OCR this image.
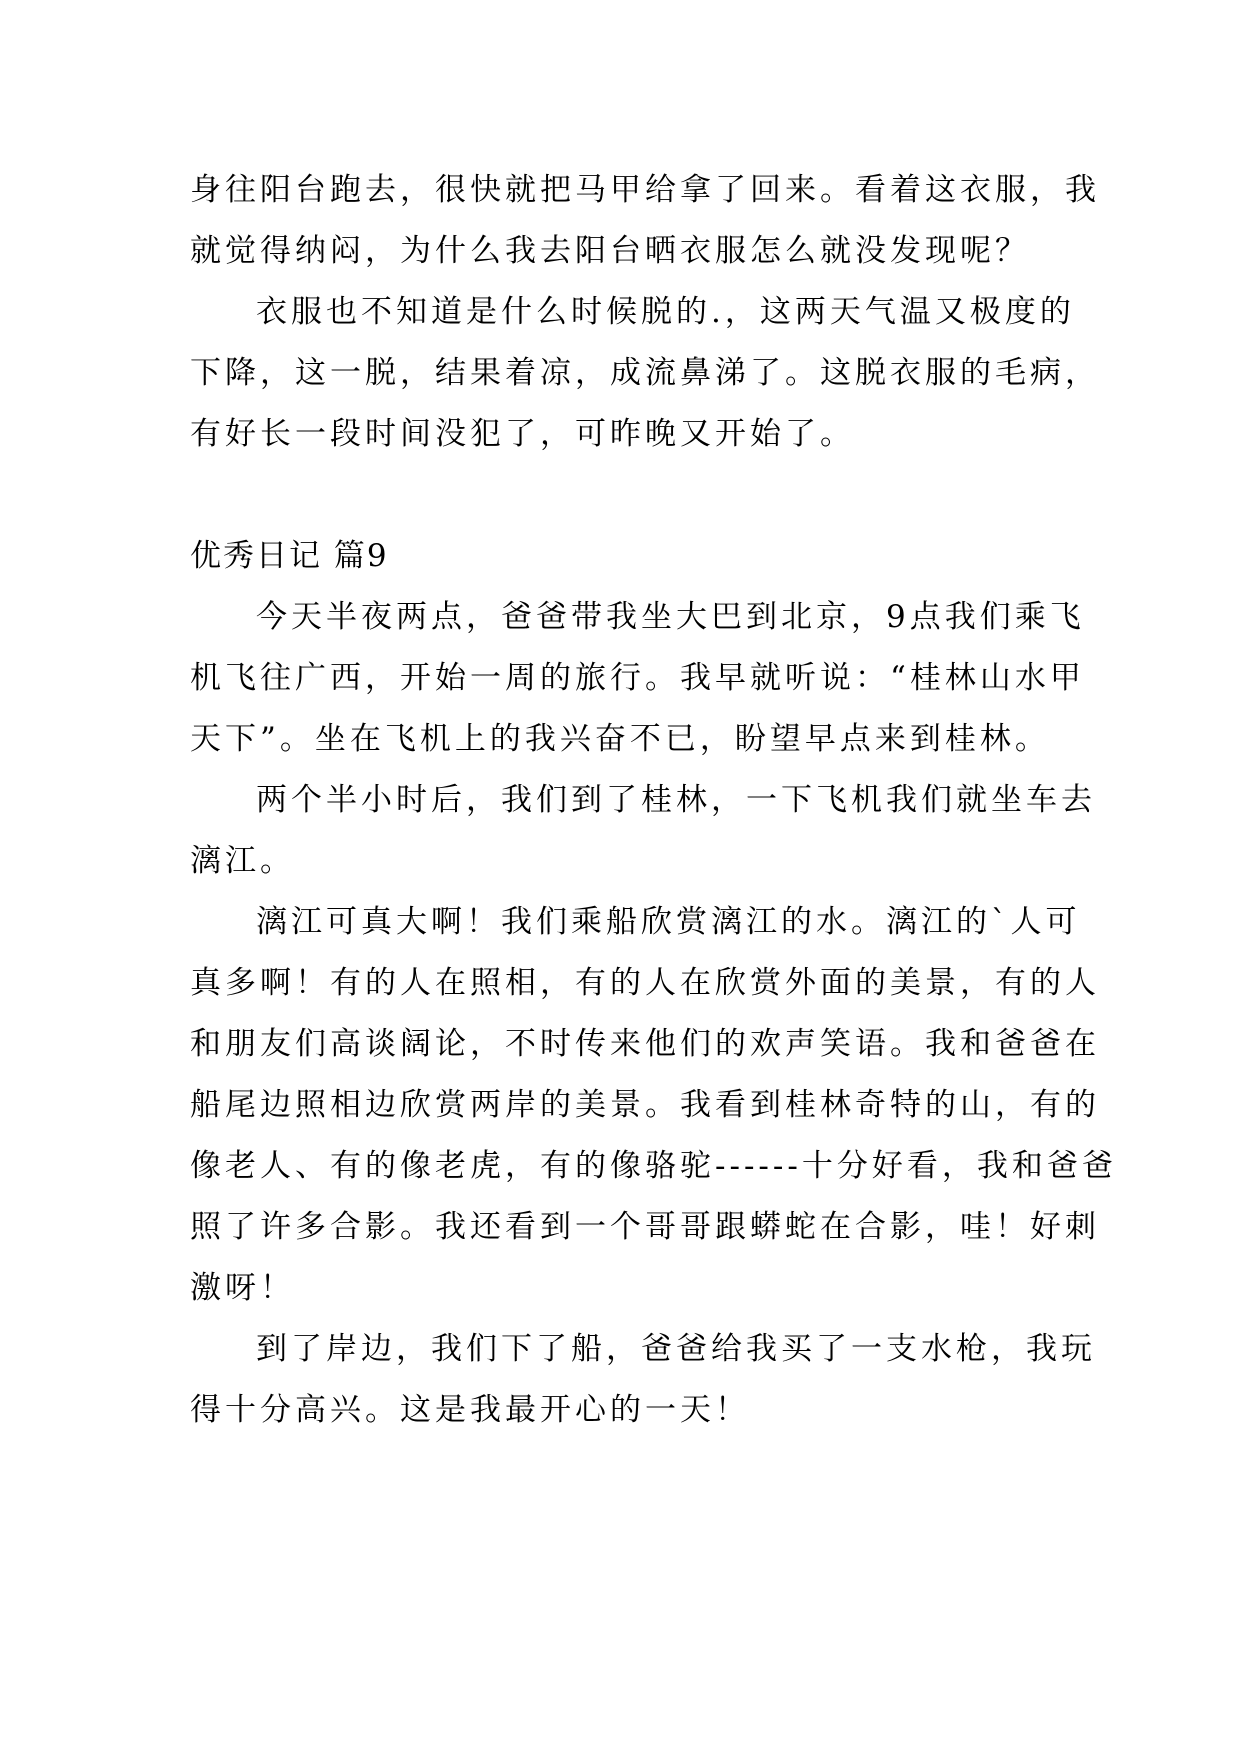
身往阳台跑去，很快就把马甲给拿了回来。看着这衣服，我
就觉得纳闷，为什么我去阳台晒衣服怎么就没发现呢？
衣服也不知道是什么时候脱的.，这两天气温又极度的
下降，这一脱，结果着凉，成流鼻涕了。这脱衣服的毛病，
有好长一段时间没犯了，可昨晚又开始了。
优秀日记 篇9
今天半夜两点，爸爸带我坐大巴到北京，9点我们乘飞
机飞往广西，开始一周的旅行。我早就听说：“桂林山水甲
天下”。坐在飞机上的我兴奋不已，盼望早点来到桂林。
两个半小时后，我们到了桂林，一下飞机我们就坐车去
漓江。
漓江可真大啊！我们乘船欣赏漓江的水。漓江的`人可
真多啊！有的人在照相，有的人在欣赏外面的美景，有的人
和朋友们高谈阔论，不时传来他们的欢声笑语。我和爸爸在
船尾边照相边欣赏两岸的美景。我看到桂林奇特的山，有的
像老人、有的像老虎，有的像骆驼------十分好看，我和爸爸
照了许多合影。我还看到一个哥哥跟蟒蛇在合影，哇！好刺
激呀！
到了岸边，我们下了船，爸爸给我买了一支水枪，我玩
得十分高兴。这是我最开心的一天！
